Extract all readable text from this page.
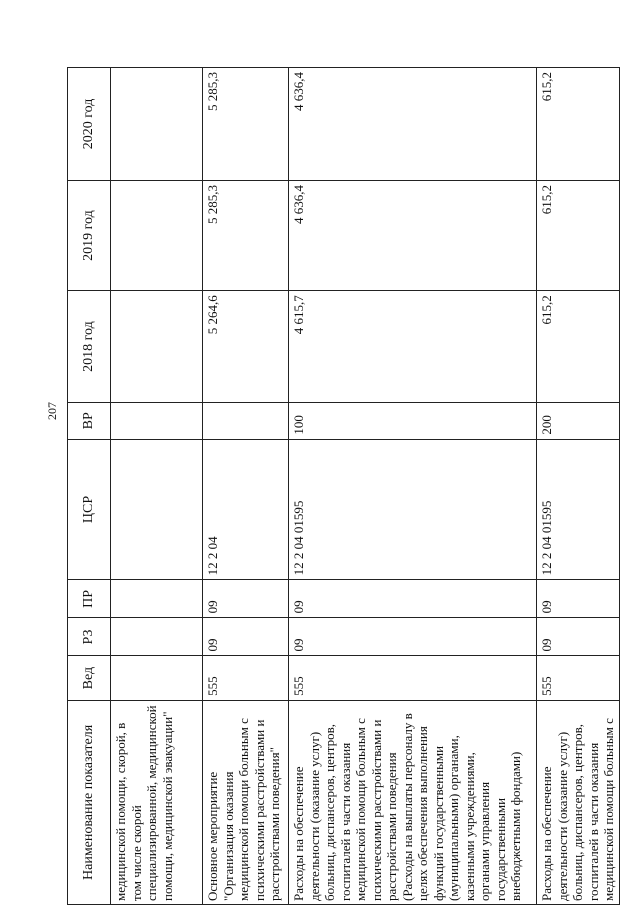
207
Наименование показателя	Вед	РЗ	ПР	ЦСР	ВР	2018 год	2019 год	2020 год
медицинской помощи, скорой, в том числе скорой специализированной, медицинской помощи, медицинской эвакуации"								
Основное мероприятие "Организация оказания медицинской помощи больным с психическими расстройствами и расстройствами поведения"	555	09	09	12 2 04		5 264,6	5 285,3	5 285,3
Расходы на обеспечение деятельности (оказание услуг) больниц, диспансеров, центров, госпиталей в части оказания медицинской помощи больным с психическими расстройствами и расстройствами поведения (Расходы на выплаты персоналу в целях обеспечения выполнения функций государственными (муниципальными) органами, казенными учреждениями, органами управления государственными внебюджетными фондами)	555	09	09	12 2 04 01595	100	4 615,7	4 636,4	4 636,4
Расходы на обеспечение деятельности (оказание услуг) больниц, диспансеров, центров, госпиталей в части оказания медицинской помощи больным с	555	09	09	12 2 04 01595	200	615,2	615,2	615,2
